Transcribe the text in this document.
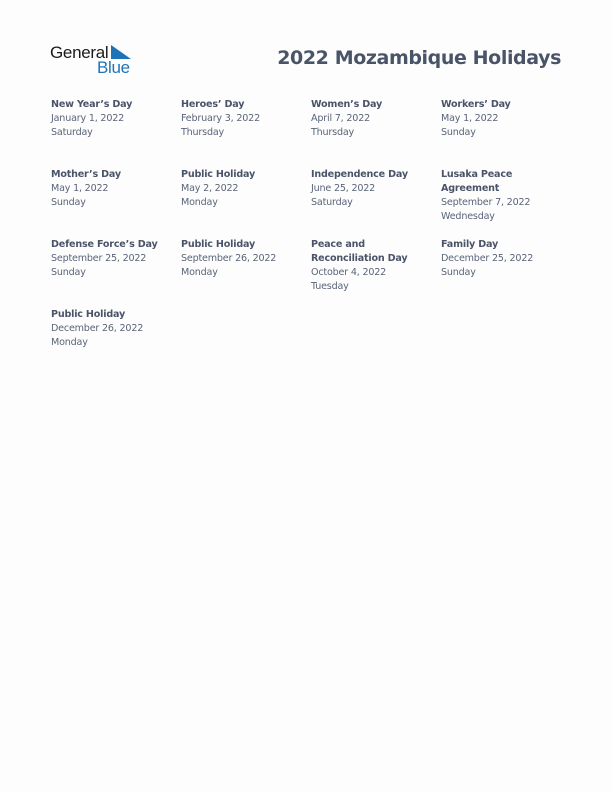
General
Blue	2022 Mozambique Holidays
New Year’s Day
January 1, 2022
Saturday
Heroes’ Day
February 3, 2022
Thursday
Women’s Day
April 7, 2022
Thursday
Workers’ Day
May 1, 2022
Sunday
Mother’s Day
May 1, 2022
Sunday
Public Holiday
May 2, 2022
Monday
Independence Day
June 25, 2022
Saturday
Lusaka Peace Agreement
September 7, 2022
Wednesday
Defense Force’s Day
September 25, 2022
Sunday
Public Holiday
September 26, 2022
Monday
Peace and Reconciliation Day
October 4, 2022
Tuesday
Family Day
December 25, 2022
Sunday
Public Holiday
December 26, 2022
Monday
